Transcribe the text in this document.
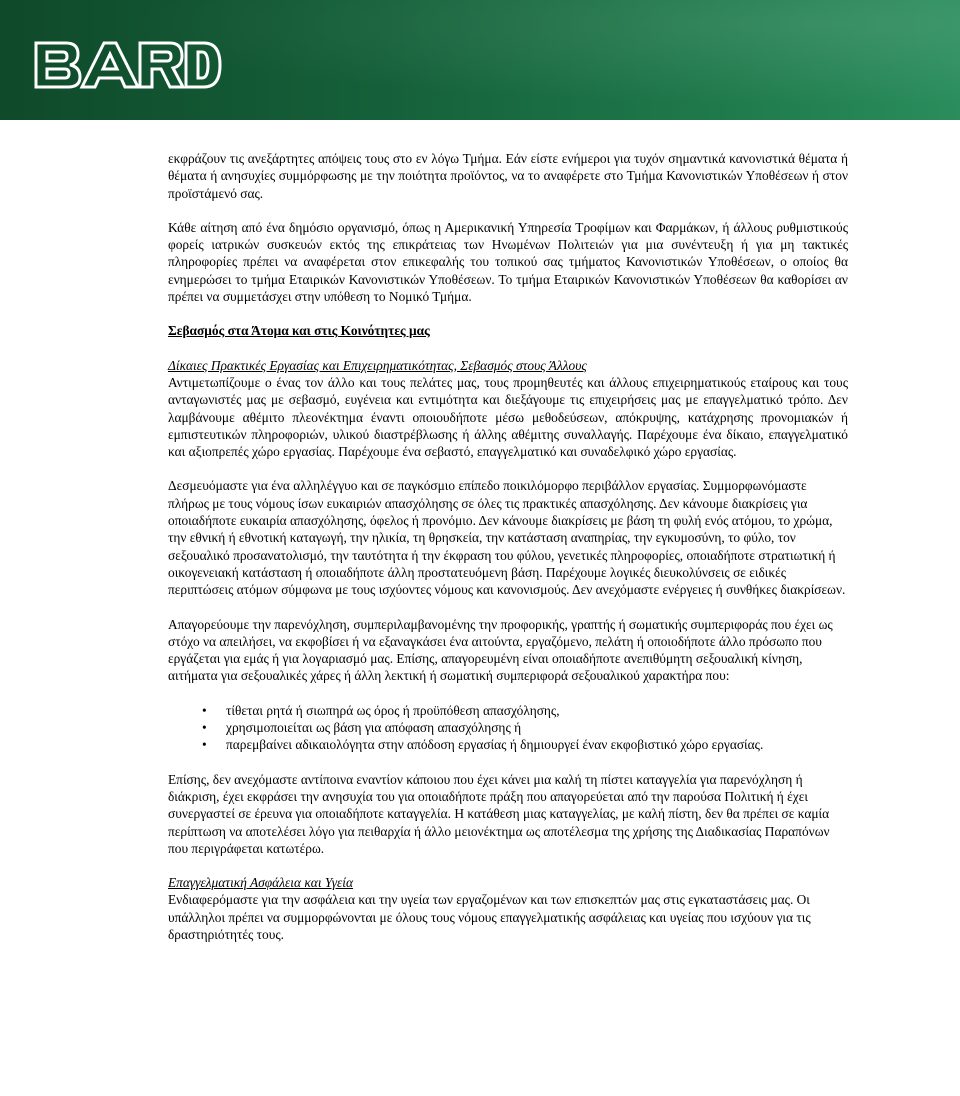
εκφράζουν τις ανεξάρτητες απόψεις τους στο εν λόγω Τμήμα. Εάν είστε ενήμεροι για τυχόν σημαντικά κανονιστικά θέματα ή θέματα ή ανησυχίες συμμόρφωσης με την ποιότητα προϊόντος, να το αναφέρετε στο Τμήμα Κανονιστικών Υποθέσεων ή στον προϊστάμενό σας.

Κάθε αίτηση από ένα δημόσιο οργανισμό, όπως η Αμερικανική Υπηρεσία Τροφίμων και Φαρμάκων, ή άλλους ρυθμιστικούς φορείς ιατρικών συσκευών εκτός της επικράτειας των Ηνωμένων Πολιτειών για μια συνέντευξη ή για μη τακτικές πληροφορίες πρέπει να αναφέρεται στον επικεφαλής του τοπικού σας τμήματος Κανονιστικών Υποθέσεων, ο οποίος θα ενημερώσει το τμήμα Εταιρικών Κανονιστικών Υποθέσεων. Το τμήμα Εταιρικών Κανονιστικών Υποθέσεων θα καθορίσει αν πρέπει να συμμετάσχει στην υπόθεση το Νομικό Τμήμα.

Σεβασμός στα Άτομα και στις Κοινότητες μας

Δίκαιες Πρακτικές Εργασίας και Επιχειρηματικότητας, Σεβασμός στους Άλλους
Αντιμετωπίζουμε ο ένας τον άλλο και τους πελάτες μας, τους προμηθευτές και άλλους επιχειρηματικούς εταίρους και τους ανταγωνιστές μας με σεβασμό, ευγένεια και εντιμότητα και διεξάγουμε τις επιχειρήσεις μας με επαγγελματικό τρόπο. Δεν λαμβάνουμε αθέμιτο πλεονέκτημα έναντι οποιουδήποτε μέσω μεθοδεύσεων, απόκρυψης, κατάχρησης προνομιακών ή εμπιστευτικών πληροφοριών, υλικού διαστρέβλωσης ή άλλης αθέμιτης συναλλαγής. Παρέχουμε ένα δίκαιο, επαγγελματικό και αξιοπρεπές χώρο εργασίας. Παρέχουμε ένα σεβαστό, επαγγελματικό και συναδελφικό χώρο εργασίας.

Δεσμευόμαστε για ένα αλληλέγγυο και σε παγκόσμιο επίπεδο ποικιλόμορφο περιβάλλον εργασίας. Συμμορφωνόμαστε πλήρως με τους νόμους ίσων ευκαιριών απασχόλησης σε όλες τις πρακτικές απασχόλησης. Δεν κάνουμε διακρίσεις για οποιαδήποτε ευκαιρία απασχόλησης, όφελος ή προνόμιο. Δεν κάνουμε διακρίσεις με βάση τη φυλή ενός ατόμου, το χρώμα, την εθνική ή εθνοτική καταγωγή, την ηλικία, τη θρησκεία, την κατάσταση αναπηρίας, την εγκυμοσύνη, το φύλο, τον σεξουαλικό προσανατολισμό, την ταυτότητα ή την έκφραση του φύλου, γενετικές πληροφορίες, οποιαδήποτε στρατιωτική ή οικογενειακή κατάσταση ή οποιαδήποτε άλλη προστατευόμενη βάση. Παρέχουμε λογικές διευκολύνσεις σε ειδικές περιπτώσεις ατόμων σύμφωνα με τους ισχύοντες νόμους και κανονισμούς. Δεν ανεχόμαστε ενέργειες ή συνθήκες διακρίσεων.

Απαγορεύουμε την παρενόχληση, συμπεριλαμβανομένης την προφορικής, γραπτής ή σωματικής συμπεριφοράς που έχει ως στόχο να απειλήσει, να εκφοβίσει ή να εξαναγκάσει ένα αιτούντα, εργαζόμενο, πελάτη ή οποιοδήποτε άλλο πρόσωπο που εργάζεται για εμάς ή για λογαριασμό μας. Επίσης, απαγορευμένη είναι οποιαδήποτε ανεπιθύμητη σεξουαλική κίνηση, αιτήματα για σεξουαλικές χάρες ή άλλη λεκτική ή σωματική συμπεριφορά σεξουαλικού χαρακτήρα που:

• τίθεται ρητά ή σιωπηρά ως όρος ή προϋπόθεση απασχόλησης,
• χρησιμοποιείται ως βάση για απόφαση απασχόλησης ή
• παρεμβαίνει αδικαιολόγητα στην απόδοση εργασίας ή δημιουργεί έναν εκφοβιστικό χώρο εργασίας.

Επίσης, δεν ανεχόμαστε αντίποινα εναντίον κάποιου που έχει κάνει μια καλή τη πίστει καταγγελία για παρενόχληση ή διάκριση, έχει εκφράσει την ανησυχία του για οποιαδήποτε πράξη που απαγορεύεται από την παρούσα Πολιτική ή έχει συνεργαστεί σε έρευνα για οποιαδήποτε καταγγελία. Η κατάθεση μιας καταγγελίας, με καλή πίστη, δεν θα πρέπει σε καμία περίπτωση να αποτελέσει λόγο για πειθαρχία ή άλλο μειονέκτημα ως αποτέλεσμα της χρήσης της Διαδικασίας Παραπόνων που περιγράφεται κατωτέρω.

Επαγγελματική Ασφάλεια και Υγεία
Ενδιαφερόμαστε για την ασφάλεια και την υγεία των εργαζομένων και των επισκεπτών μας στις εγκαταστάσεις μας. Οι υπάλληλοι πρέπει να συμμορφώνονται με όλους τους νόμους επαγγελματικής ασφάλειας και υγείας που ισχύουν για τις δραστηριότητές τους.
